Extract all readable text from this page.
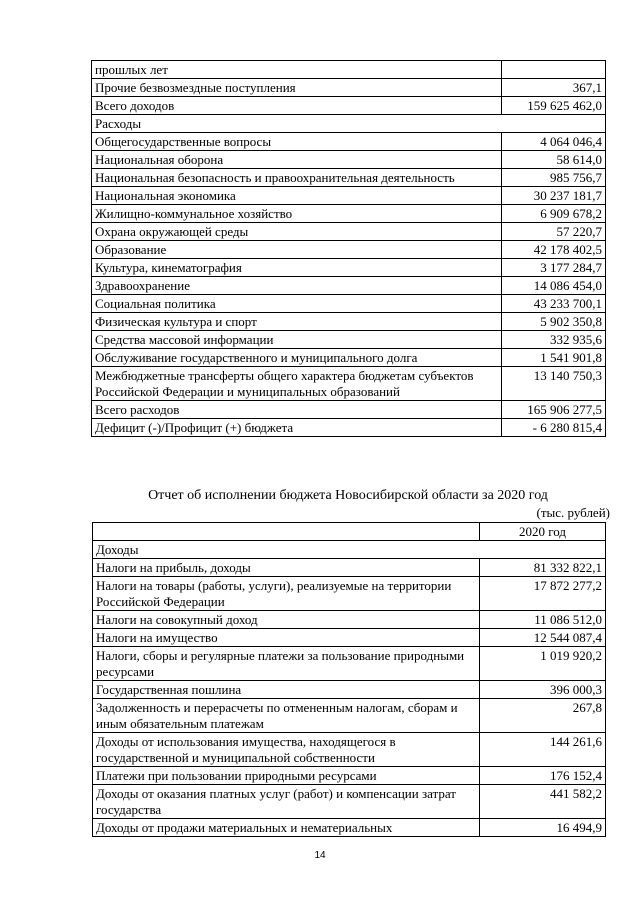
прошлых лет	
Прочие безвозмездные поступления	367,1
Всего доходов	159 625 462,0
Расходы	
Общегосударственные вопросы	4 064 046,4
Национальная оборона	58 614,0
Национальная безопасность и правоохранительная деятельность	985 756,7
Национальная экономика	30 237 181,7
Жилищно-коммунальное хозяйство	6 909 678,2
Охрана окружающей среды	57 220,7
Образование	42 178 402,5
Культура, кинематография	3 177 284,7
Здравоохранение	14 086 454,0
Социальная политика	43 233 700,1
Физическая культура и спорт	5 902 350,8
Средства массовой информации	332 935,6
Обслуживание государственного и муниципального долга	1 541 901,8
Межбюджетные трансферты общего характера бюджетам субъектов Российской Федерации и муниципальных образований	13 140 750,3
Всего расходов	165 906 277,5
Дефицит (-)/Профицит (+) бюджета	- 6 280 815,4
Отчет об исполнении бюджета Новосибирской области за 2020 год
(тыс. рублей)
	2020 год
Доходы	
Налоги на прибыль, доходы	81 332 822,1
Налоги на товары (работы, услуги), реализуемые на территории Российской Федерации	17 872 277,2
Налоги на совокупный доход	11 086 512,0
Налоги на имущество	12 544 087,4
Налоги, сборы и регулярные платежи за пользование природными ресурсами	1 019 920,2
Государственная пошлина	396 000,3
Задолженность и перерасчеты по отмененным налогам, сборам и иным обязательным платежам	267,8
Доходы от использования имущества, находящегося в государственной и муниципальной собственности	144 261,6
Платежи при пользовании природными ресурсами	176 152,4
Доходы от оказания платных услуг (работ) и компенсации затрат государства	441 582,2
Доходы от продажи материальных и нематериальных	16 494,9
14
